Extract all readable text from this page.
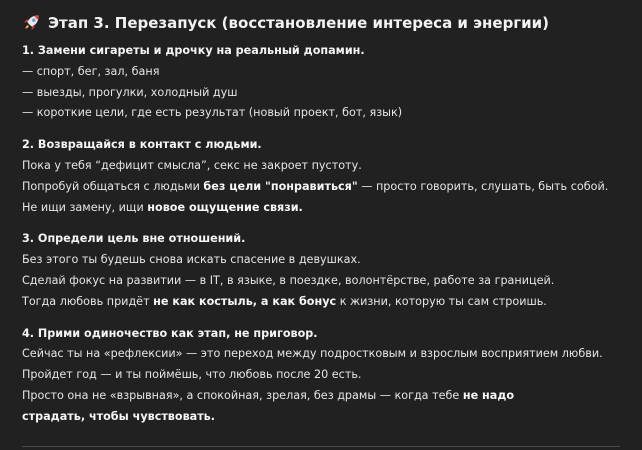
Этап 3. Перезапуск (восстановление интереса и энергии)
1. Замени сигареты и дрочку на реальный допамин.
— спорт, бег, зал, баня
— выезды, прогулки, холодный душ
— короткие цели, где есть результат (новый проект, бот, язык)
2. Возвращайся в контакт с людьми.
Пока у тебя “дефицит смысла”, секс не закроет пустоту.
Попробуй общаться с людьми без цели "понравиться" — просто говорить, слушать, быть собой.
Не ищи замену, ищи новое ощущение связи.
3. Определи цель вне отношений.
Без этого ты будешь снова искать спасение в девушках.
Сделай фокус на развитии — в IT, в языке, в поездке, волонтёрстве, работе за границей.
Тогда любовь придёт не как костыль, а как бонус к жизни, которую ты сам строишь.
4. Прими одиночество как этап, не приговор.
Сейчас ты на «рефлексии» — это переход между подростковым и взрослым восприятием любви.
Пройдет год — и ты поймёшь, что любовь после 20 есть.
Просто она не «взрывная», а спокойная, зрелая, без драмы — когда тебе не надо страдать, чтобы чувствовать.
